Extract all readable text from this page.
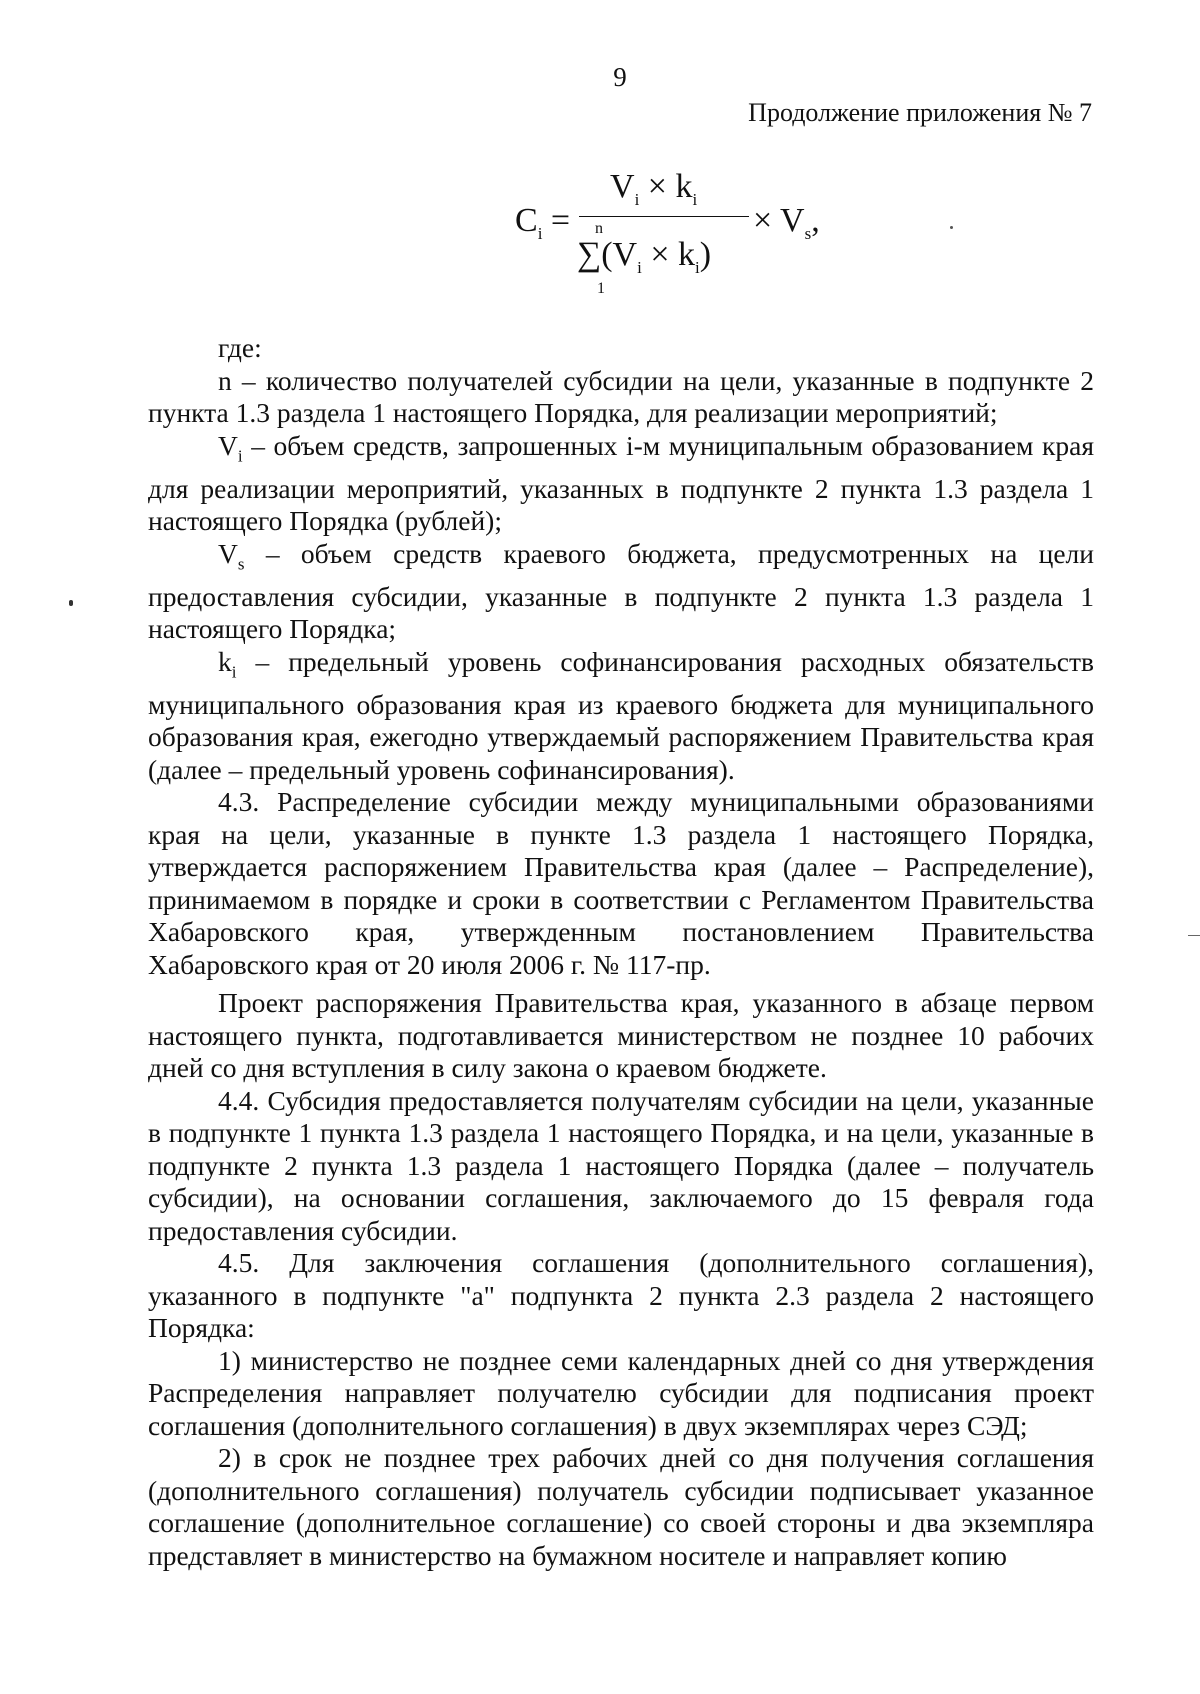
9
Продолжение приложения № 7
$C_i$ =
$V_i \times k_i$
× $V_s$,
n
$\sum(V_i \times k_i)$
1

где:

n – количество получателей субсидии на цели, указанные в подпункте 2 пункта 1.3 раздела 1 настоящего Порядка, для реализации мероприятий;

$V_i$ – объем средств, запрошенных i-м муниципальным образованием края для реализации мероприятий, указанных в подпункте 2 пункта 1.3 раздела 1 настоящего Порядка (рублей);

$V_s$ – объем средств краевого бюджета, предусмотренных на цели предоставления субсидии, указанные в подпункте 2 пункта 1.3 раздела 1 настоящего Порядка;

$k_i$ – предельный уровень софинансирования расходных обязательств муниципального образования края из краевого бюджета для муниципального образования края, ежегодно утверждаемый распоряжением Правительства края (далее – предельный уровень софинансирования).

4.3. Распределение субсидии между муниципальными образованиями края на цели, указанные в пункте 1.3 раздела 1 настоящего Порядка, утверждается распоряжением Правительства края (далее – Распределение), принимаемом в порядке и сроки в соответствии с Регламентом Правительства Хабаровского края, утвержденным постановлением Правительства Хабаровского края от 20 июля 2006 г. № 117-пр.

Проект распоряжения Правительства края, указанного в абзаце первом настоящего пункта, подготавливается министерством не позднее 10 рабочих дней со дня вступления в силу закона о краевом бюджете.

4.4. Субсидия предоставляется получателям субсидии на цели, указанные в подпункте 1 пункта 1.3 раздела 1 настоящего Порядка, и на цели, указанные в подпункте 2 пункта 1.3 раздела 1 настоящего Порядка (далее – получатель субсидии), на основании соглашения, заключаемого до 15 февраля года предоставления субсидии.

4.5. Для заключения соглашения (дополнительного соглашения), указанного в подпункте "а" подпункта 2 пункта 2.3 раздела 2 настоящего Порядка:

1) министерство не позднее семи календарных дней со дня утверждения Распределения направляет получателю субсидии для подписания проект соглашения (дополнительного соглашения) в двух экземплярах через СЭД;

2) в срок не позднее трех рабочих дней со дня получения соглашения (дополнительного соглашения) получатель субсидии подписывает указанное соглашение (дополнительное соглашение) со своей стороны и два экземпляра представляет в министерство на бумажном носителе и направляет копию
